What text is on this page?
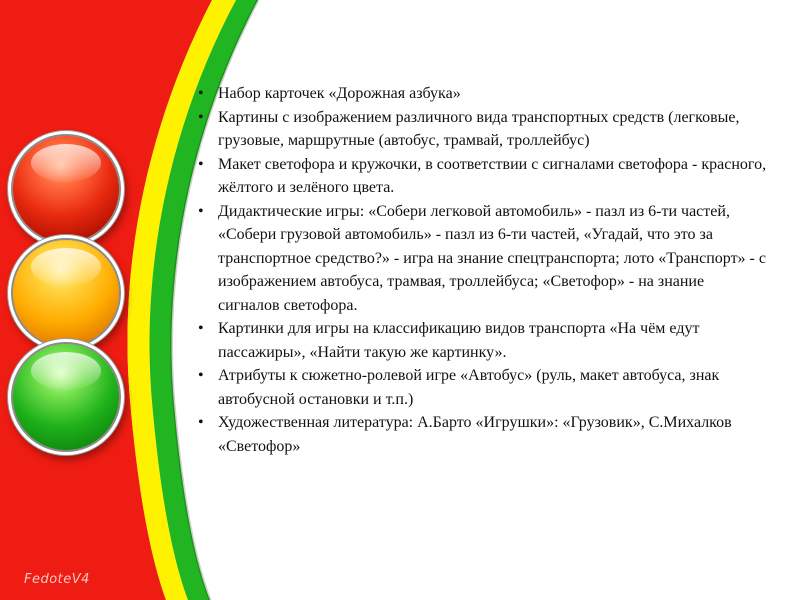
• Набор карточек «Дорожная азбука»
• Картины с изображением различного вида транспортных средств (легковые, грузовые, маршрутные (автобус, трамвай, троллейбус)
• Макет светофора и кружочки, в соответствии с сигналами светофора - красного, жёлтого и зелёного цвета.
• Дидактические игры: «Собери легковой автомобиль» - пазл из 6-ти частей, «Собери грузовой автомобиль» - пазл из 6-ти частей, «Угадай, что это за транспортное средство?» - игра на знание спецтранспорта; лото «Транспорт» - с изображением автобуса, трамвая, троллейбуса; «Светофор» - на знание сигналов светофора.
• Картинки для игры на классификацию видов транспорта «На чём едут пассажиры», «Найти такую же картинку».
• Атрибуты к сюжетно-ролевой игре «Автобус» (руль, макет автобуса, знак автобусной остановки и т.п.)
• Художественная литература: А.Барто «Игрушки»: «Грузовик», С.Михалков «Светофор»
FedoteV4
